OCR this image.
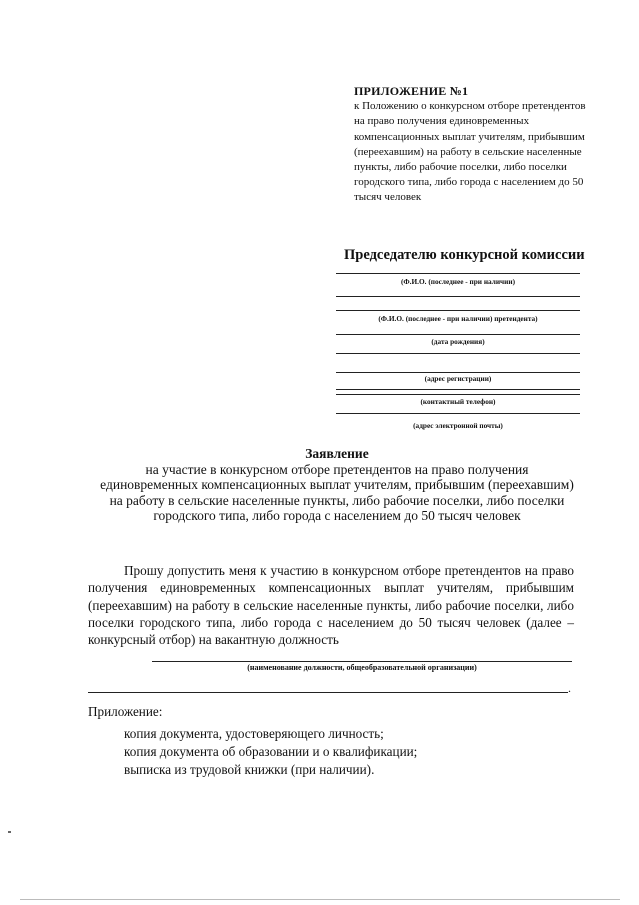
ПРИЛОЖЕНИЕ №1
к Положению о конкурсном отборе претендентов на право получения единовременных компенсационных выплат учителям, прибывшим (переехавшим) на работу в сельские населенные пункты, либо рабочие поселки, либо поселки городского типа, либо города с населением до 50 тысяч человек
Председателю конкурсной комиссии
(Ф.И.О. (последнее - при наличии)
(Ф.И.О. (последнее - при наличии) претендента)
(дата рождения)
(адрес регистрации)
(контактный телефон)
(адрес электронной почты)
Заявление
на участие в конкурсном отборе претендентов на право получения единовременных компенсационных выплат учителям, прибывшим (переехавшим) на работу в сельские населенные пункты, либо рабочие поселки, либо поселки городского типа, либо города с населением до 50 тысяч человек
Прошу допустить меня к участию в конкурсном отборе претендентов на право получения единовременных компенсационных выплат учителям, прибывшим (переехавшим) на работу в сельские населенные пункты, либо рабочие поселки, либо поселки городского типа, либо города с населением до 50 тысяч человек (далее – конкурсный отбор) на вакантную должность
(наименование должности, общеобразовательной организации)
.
Приложение:
копия документа, удостоверяющего личность;
копия документа об образовании и о квалификации;
выписка из трудовой книжки (при наличии).
